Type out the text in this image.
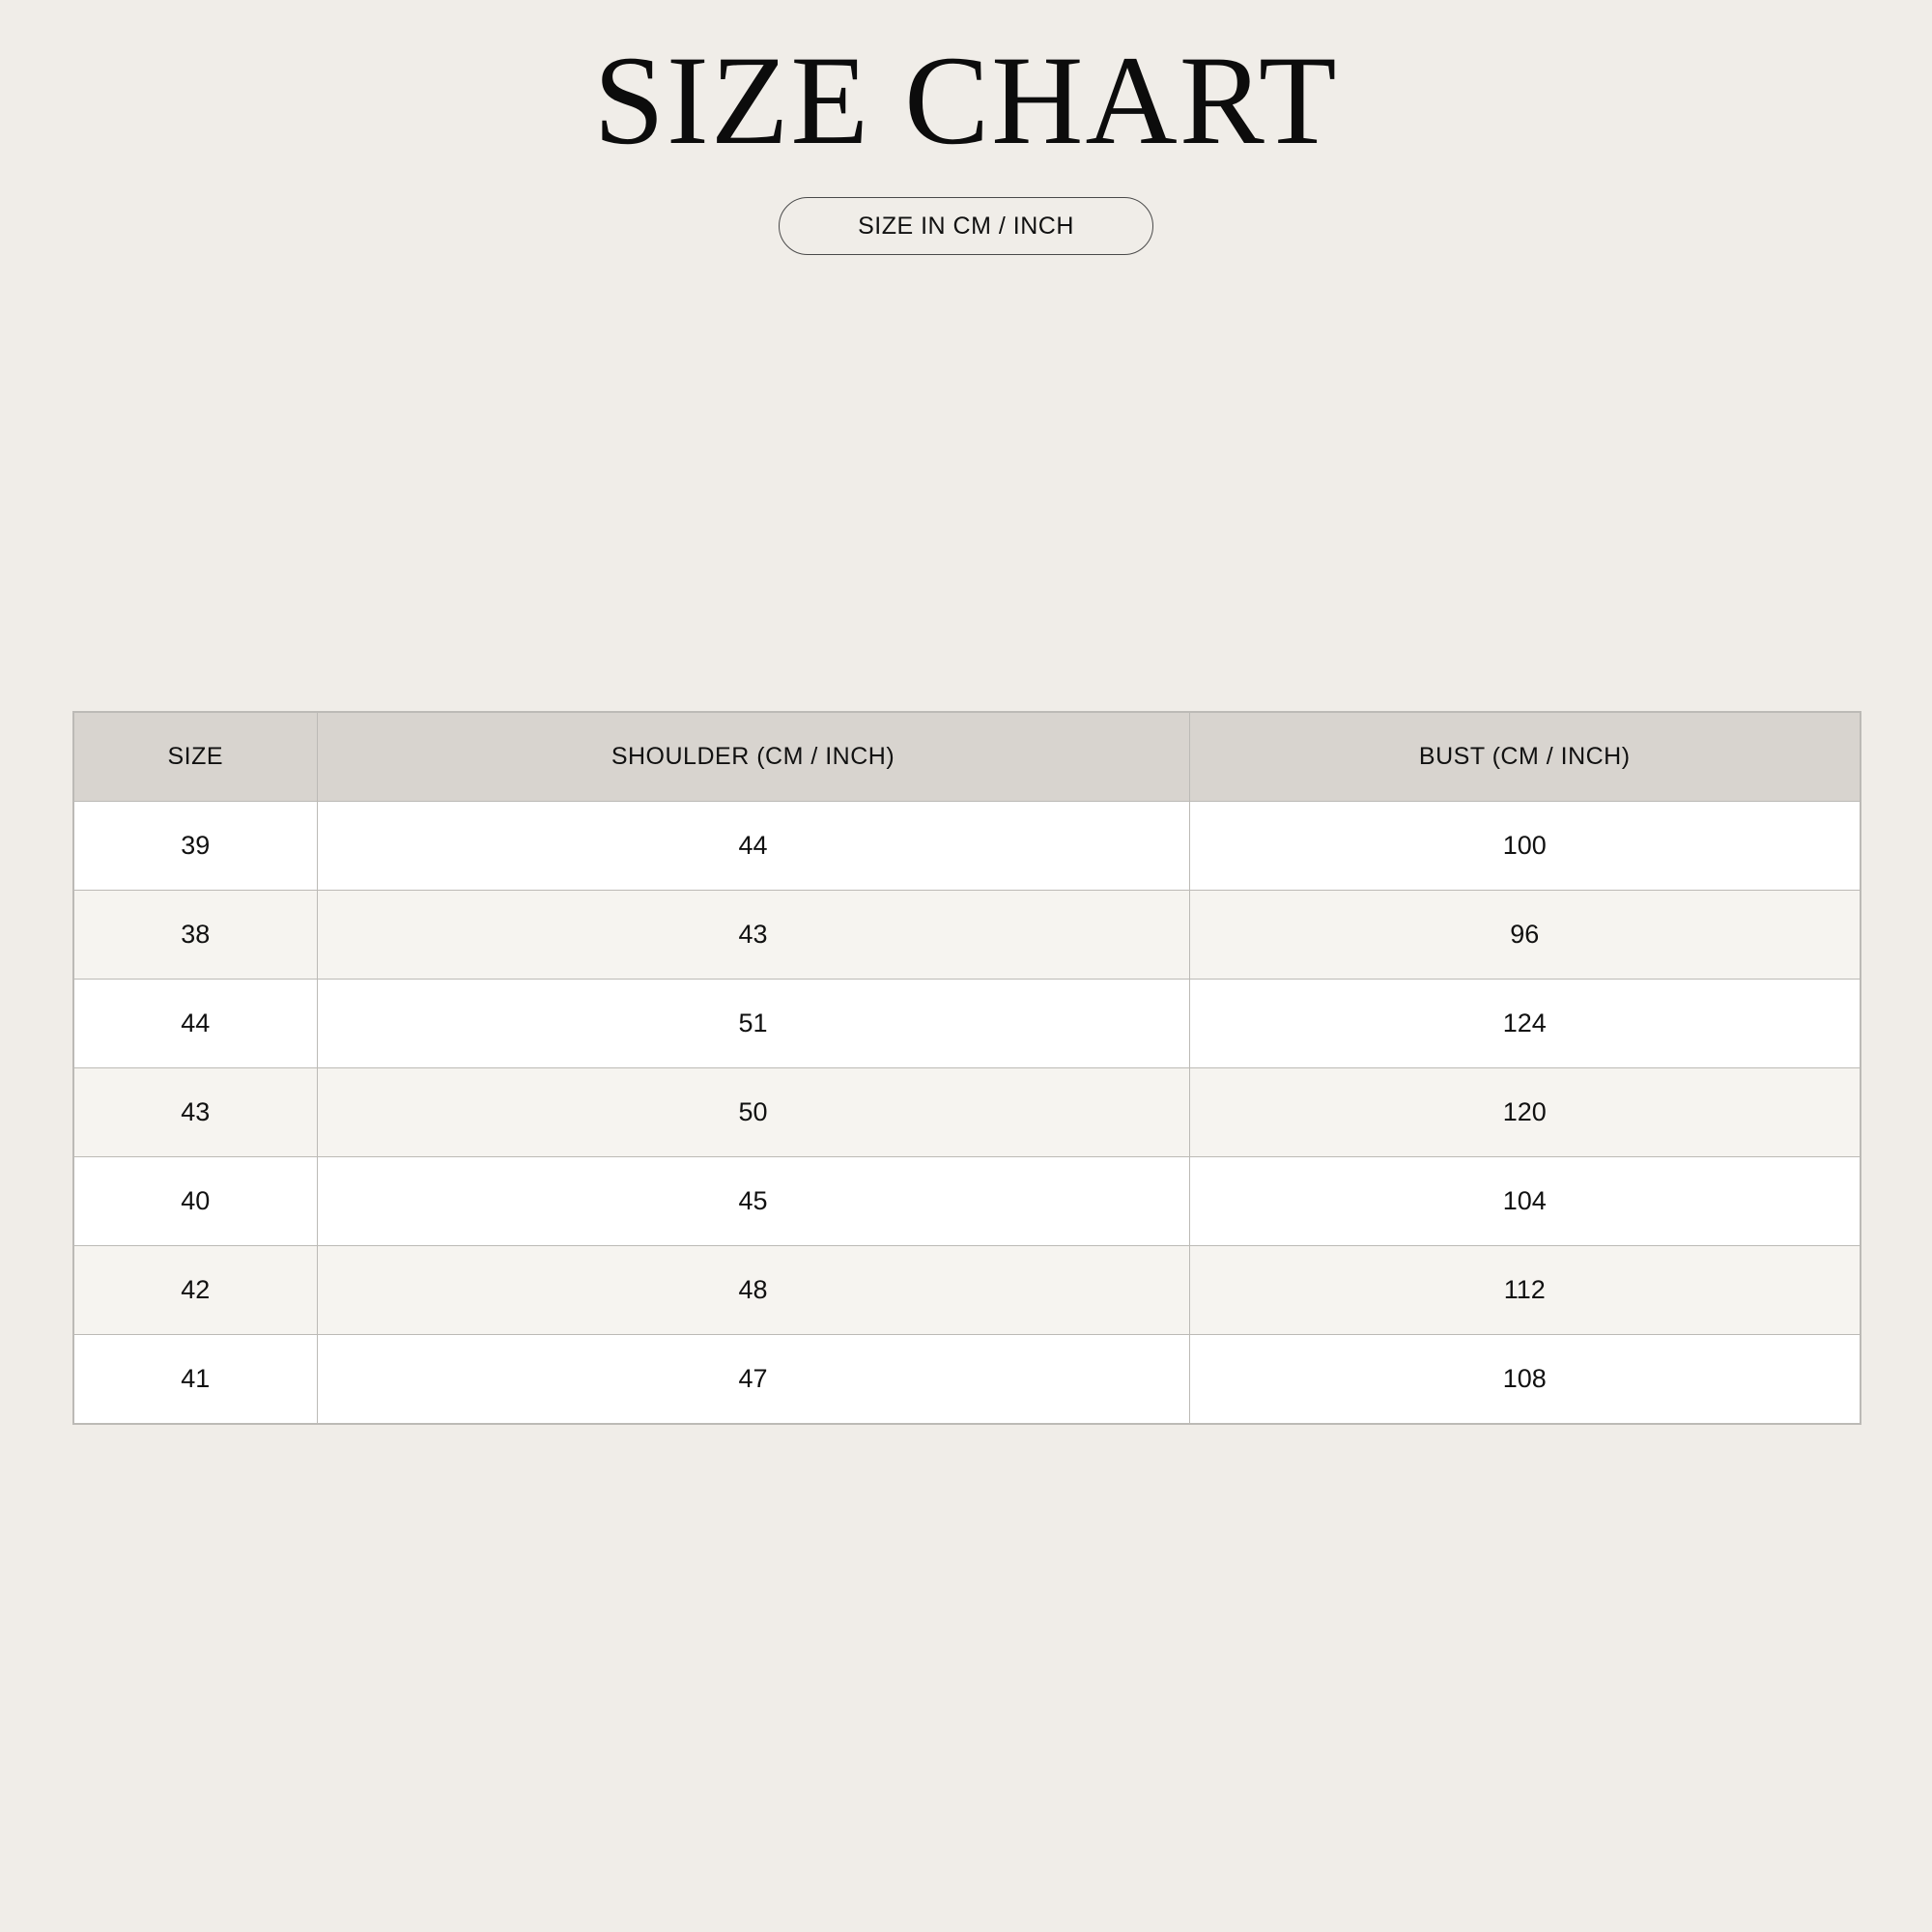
SIZE CHART
SIZE IN CM / INCH
SIZE	SHOULDER (CM / INCH)	BUST (CM / INCH)
39	44	100
38	43	96
44	51	124
43	50	120
40	45	104
42	48	112
41	47	108
